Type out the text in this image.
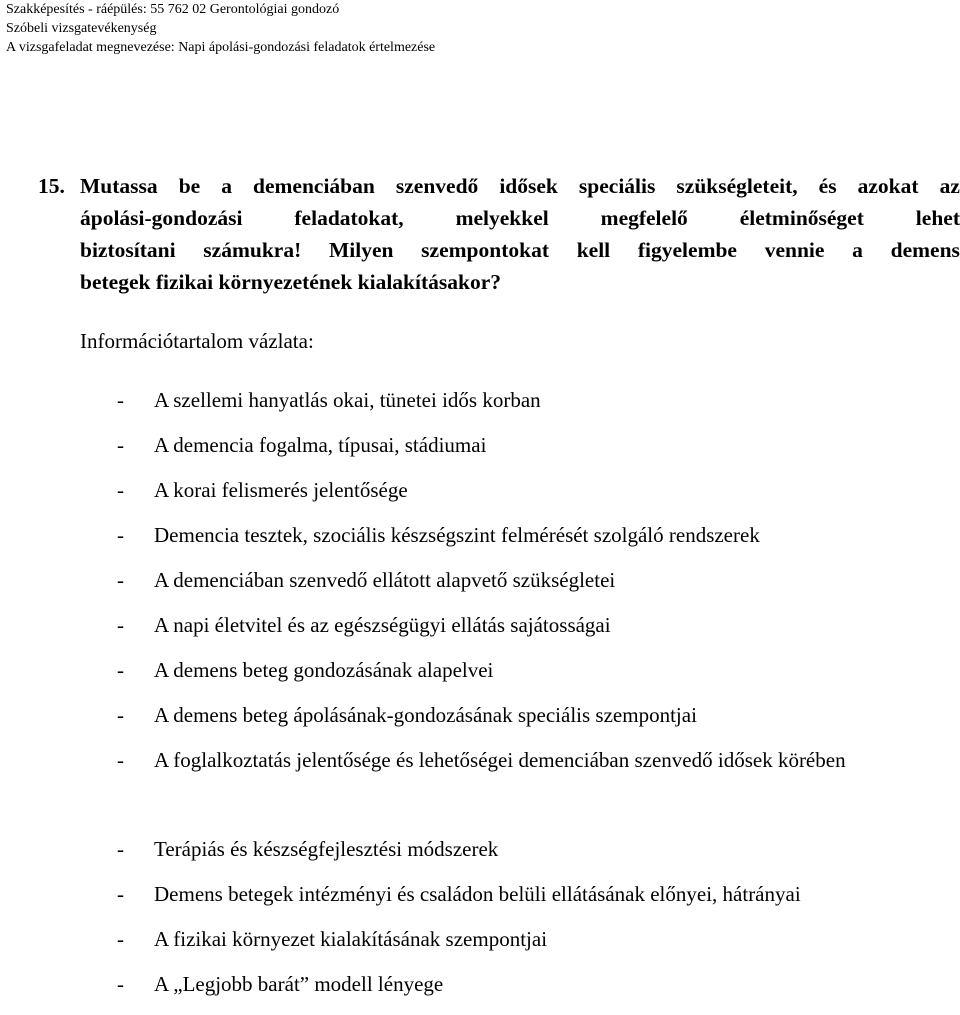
Szakképesítés - ráépülés: 55 762 02 Gerontológiai gondozó
Szóbeli vizsgatevékenység
A vizsgafeladat megnevezése: Napi ápolási-gondozási feladatok értelmezése
15. Mutassa be a demenciában szenvedő idősek speciális szükségleteit, és azokat az
ápolási-gondozási feladatokat, melyekkel megfelelő életminőséget lehet
biztosítani számukra! Milyen szempontokat kell figyelembe vennie a demens
betegek fizikai környezetének kialakításakor?
Információtartalom vázlata:
-	A szellemi hanyatlás okai, tünetei idős korban
-	A demencia fogalma, típusai, stádiumai
-	A korai felismerés jelentősége
-	Demencia tesztek, szociális készségszint felmérését szolgáló rendszerek
-	A demenciában szenvedő ellátott alapvető szükségletei
-	A napi életvitel és az egészségügyi ellátás sajátosságai
-	A demens beteg gondozásának alapelvei
-	A demens beteg ápolásának-gondozásának speciális szempontjai
-	A foglalkoztatás jelentősége és lehetőségei demenciában szenvedő idősek körében
-	Terápiás és készségfejlesztési módszerek
-	Demens betegek intézményi és családon belüli ellátásának előnyei, hátrányai
-	A fizikai környezet kialakításának szempontjai
-	A „Legjobb barát” modell lényege
